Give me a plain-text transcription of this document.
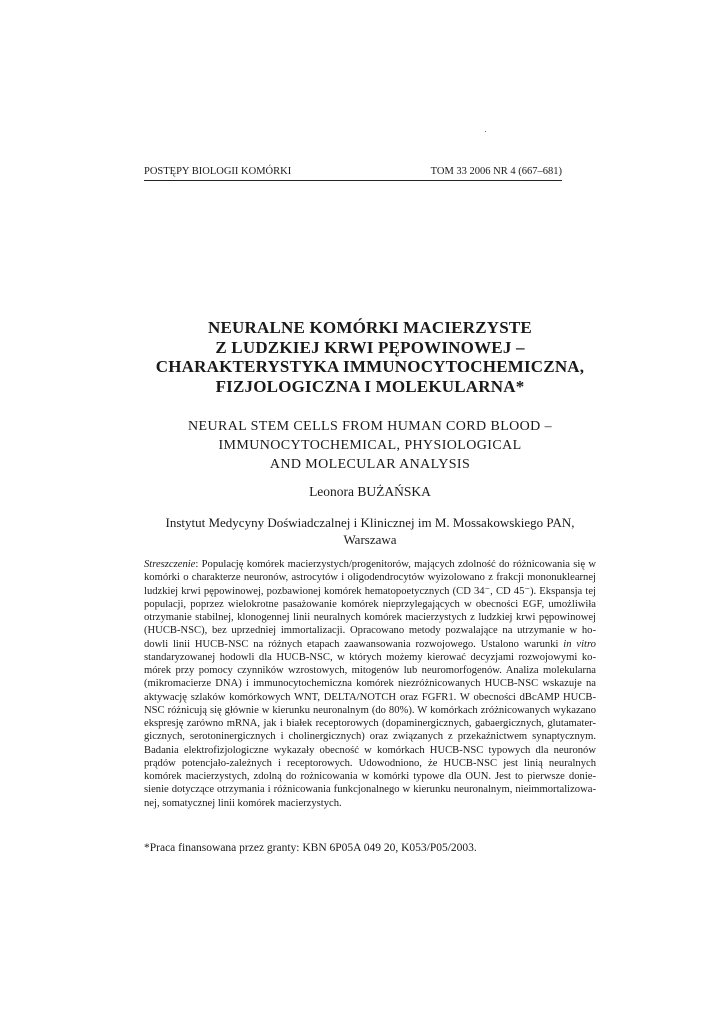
POSTĘPY BIOLOGII KOMÓRKI	TOM 33 2006 NR 4 (667–681)

NEURALNE KOMÓRKI MACIERZYSTE
Z LUDZKIEJ KRWI PĘPOWINOWEJ –
CHARAKTERYSTYKA IMMUNOCYTOCHEMICZNA,
FIZJOLOGICZNA I MOLEKULARNA*

NEURAL STEM CELLS FROM HUMAN CORD BLOOD –
IMMUNOCYTOCHEMICAL, PHYSIOLOGICAL
AND MOLECULAR ANALYSIS
Leonora BUŻAŃSKA
Instytut Medycyny Doświadczalnej i Klinicznej im M. Mossakowskiego PAN,
Warszawa
Streszczenie: Populację komórek macierzystych/progenitorów, mających zdolność do różnicowania się w
komórki o charakterze neuronów, astrocytów i oligodendrocytów wyizolowano z frakcji mononuklearnej
ludzkiej krwi pępowinowej, pozbawionej komórek hematopoetycznych (CD 34⁻, CD 45⁻). Ekspansja tej
populacji, poprzez wielokrotne pasażowanie komórek nieprzylegających w obecności EGF, umożliwiła
otrzymanie stabilnej, klonogennej linii neuralnych komórek macierzystych z ludzkiej krwi pępowinowej
(HUCB-NSC), bez uprzedniej immortalizacji. Opracowano metody pozwalające na utrzymanie w ho-
dowli linii HUCB-NSC na różnych etapach zaawansowania rozwojowego. Ustalono warunki in vitro
standaryzowanej hodowli dla HUCB-NSC, w których możemy kierować decyzjami rozwojowymi ko-
mórek przy pomocy czynników wzrostowych, mitogenów lub neuromorfogenów. Analiza molekularna
(mikromacierze DNA) i immunocytochemiczna komórek niezróżnicowanych HUCB-NSC wskazuje na
aktywację szlaków komórkowych WNT, DELTA/NOTCH oraz FGFR1. W obecności dBcAMP HUCB-
NSC różnicują się głównie w kierunku neuronalnym (do 80%). W komórkach zróżnicowanych wykazano
ekspresję zarówno mRNA, jak i białek receptorowych (dopaminergicznych, gabaergicznych, glutamater-
gicznych, serotoninergicznych i cholinergicznych) oraz związanych z przekaźnictwem synaptycznym.
Badania elektrofizjologiczne wykazały obecność w komórkach HUCB-NSC typowych dla neuronów
prądów potencjało-zależnych i receptorowych. Udowodniono, że HUCB-NSC jest linią neuralnych
komórek macierzystych, zdolną do rożnicowania w komórki typowe dla OUN. Jest to pierwsze donie-
sienie dotyczące otrzymania i różnicowania funkcjonalnego w kierunku neuronalnym, nieimmortalizowa-
nej, somatycznej linii komórek macierzystych.
*Praca finansowana przez granty: KBN 6P05A 049 20, K053/P05/2003.
